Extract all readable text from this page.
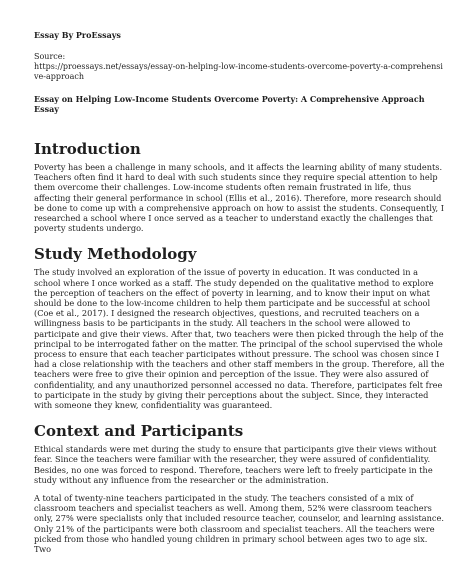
Essay By ProEssays
Source:
https://proessays.net/essays/essay-on-helping-low-income-students-overcome-poverty-a-comprehensive-approach
Essay on Helping Low-Income Students Overcome Poverty: A Comprehensive Approach Essay
Introduction

Poverty has been a challenge in many schools, and it affects the learning ability of many students. Teachers often find it hard to deal with such students since they require special attention to help them overcome their challenges. Low-income students often remain frustrated in life, thus affecting their general performance in school (Ellis et al., 2016). Therefore, more research should be done to come up with a comprehensive approach on how to assist the students. Consequently, I researched a school where I once served as a teacher to understand exactly the challenges that poverty students undergo.

Study Methodology

The study involved an exploration of the issue of poverty in education. It was conducted in a school where I once worked as a staff. The study depended on the qualitative method to explore the perception of teachers on the effect of poverty in learning, and to know their input on what should be done to the low-income children to help them participate and be successful at school (Coe et al., 2017). I designed the research objectives, questions, and recruited teachers on a willingness basis to be participants in the study. All teachers in the school were allowed to participate and give their views. After that, two teachers were then picked through the help of the principal to be interrogated father on the matter. The principal of the school supervised the whole process to ensure that each teacher participates without pressure. The school was chosen since I had a close relationship with the teachers and other staff members in the group. Therefore, all the teachers were free to give their opinion and perception of the issue. They were also assured of confidentiality, and any unauthorized personnel accessed no data. Therefore, participates felt free to participate in the study by giving their perceptions about the subject. Since, they interacted with someone they knew, confidentiality was guaranteed.

Context and Participants

Ethical standards were met during the study to ensure that participants give their views without fear. Since the teachers were familiar with the researcher, they were assured of confidentiality. Besides, no one was forced to respond. Therefore, teachers were left to freely participate in the study without any influence from the researcher or the administration.

A total of twenty-nine teachers participated in the study. The teachers consisted of a mix of classroom teachers and specialist teachers as well. Among them, 52% were classroom teachers only, 27% were specialists only that included resource teacher, counselor, and learning assistance. Only 21% of the participants were both classroom and specialist teachers. All the teachers were picked from those who handled young children in primary school between ages two to age six. Two
